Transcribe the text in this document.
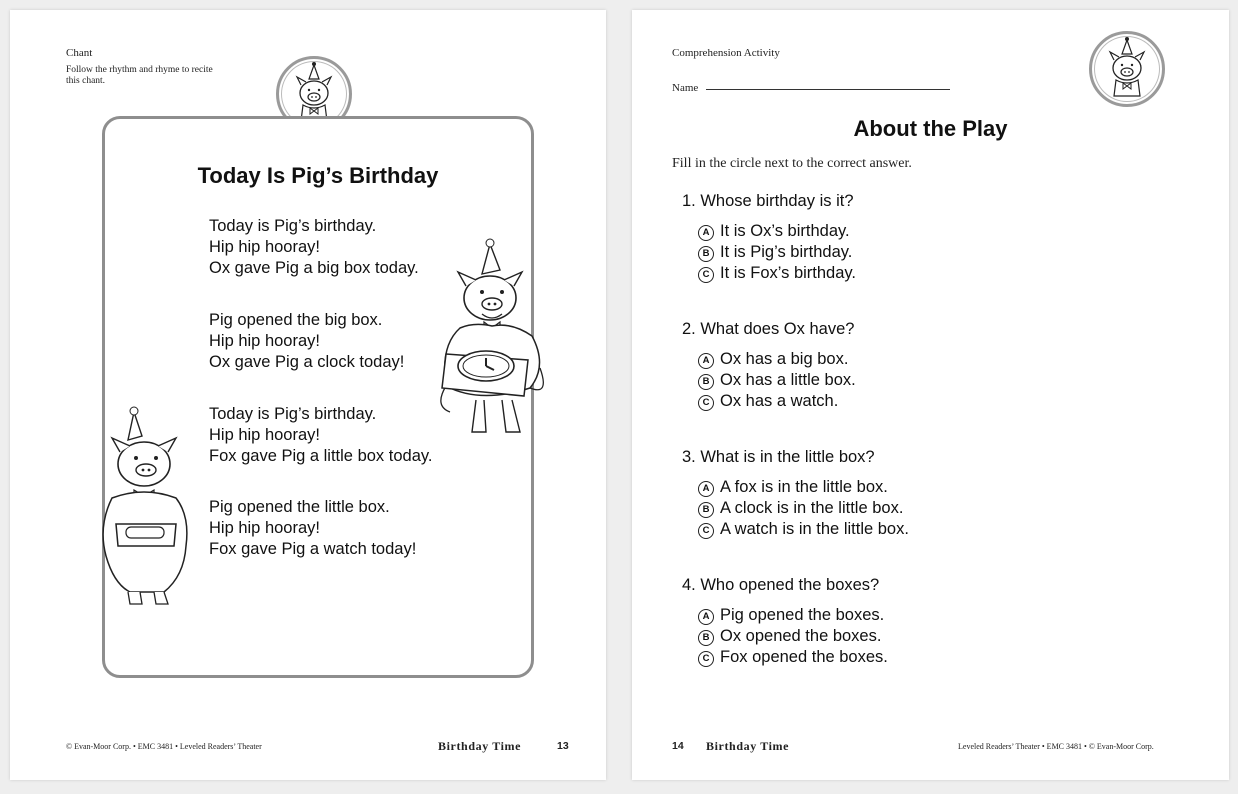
Chant
Follow the rhythm and rhyme to recite
this chant.
Today Is Pig’s Birthday
Today is Pig’s birthday.
Hip hip hooray!
Ox gave Pig a big box today.
Pig opened the big box.
Hip hip hooray!
Ox gave Pig a clock today!
Today is Pig’s birthday.
Hip hip hooray!
Fox gave Pig a little box today.
Pig opened the little box.
Hip hip hooray!
Fox gave Pig a watch today!
© Evan-Moor Corp. • EMC 3481 • Leveled Readers’ Theater	Birthday Time	13
Comprehension Activity
Name
About the Play
Fill in the circle next to the correct answer.
1. Whose birthday is it?
A It is Ox’s birthday.
B It is Pig’s birthday.
C It is Fox’s birthday.
2. What does Ox have?
A Ox has a big box.
B Ox has a little box.
C Ox has a watch.
3. What is in the little box?
A A fox is in the little box.
B A clock is in the little box.
C A watch is in the little box.
4. Who opened the boxes?
A Pig opened the boxes.
B Ox opened the boxes.
C Fox opened the boxes.
14 Birthday Time	Leveled Readers’ Theater • EMC 3481 • © Evan-Moor Corp.
